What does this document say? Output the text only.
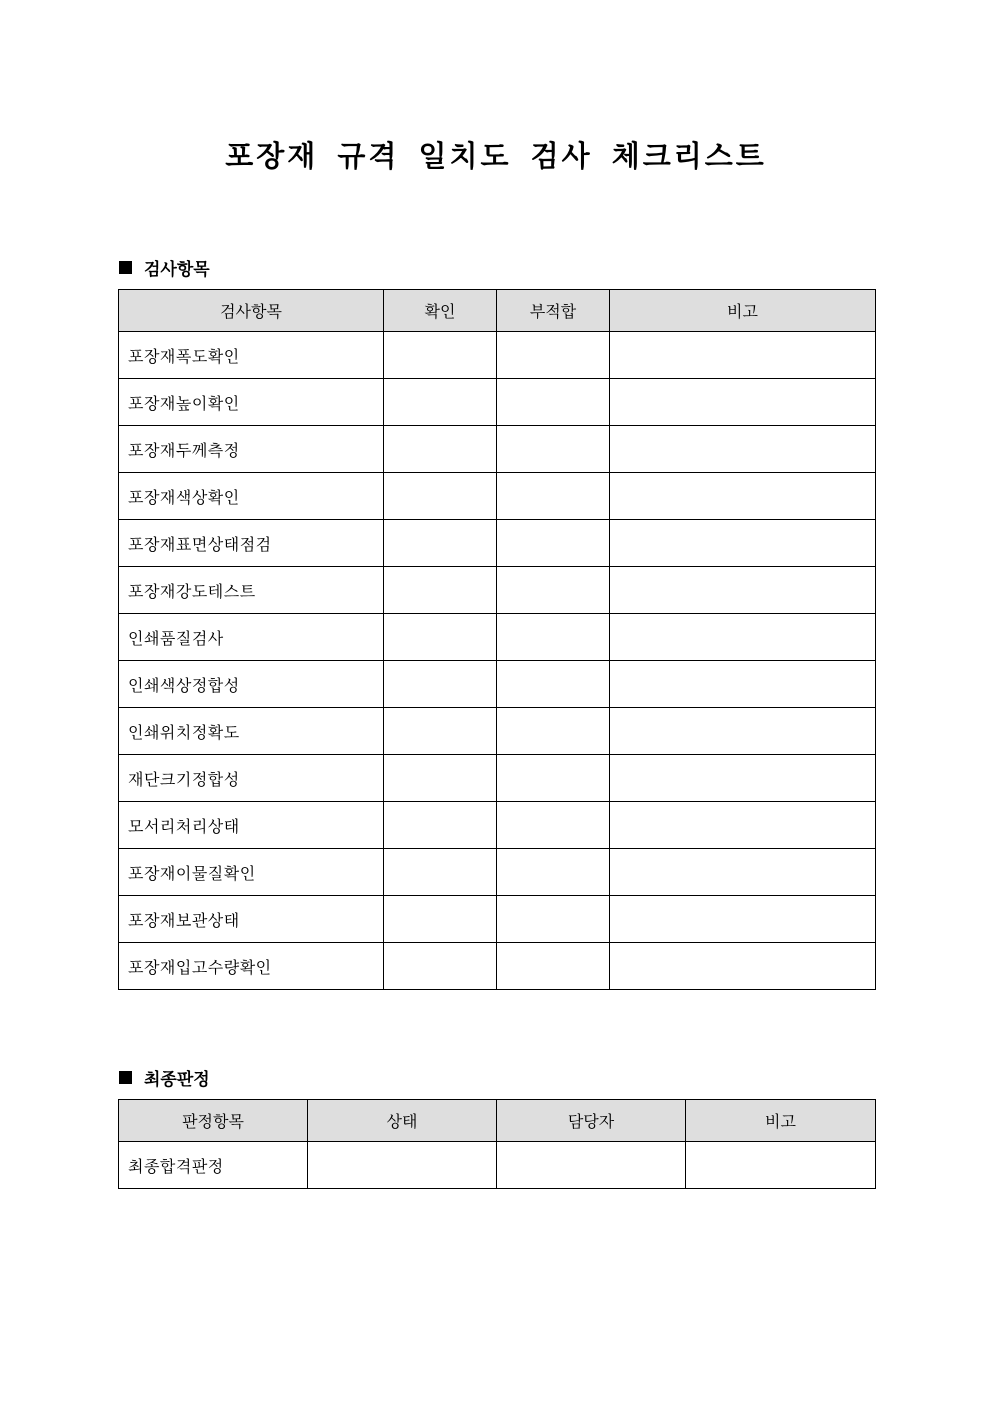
포장재 규격 일치도 검사 체크리스트
검사항목
검사항목	확인	부적합	비고
포장재폭도확인			
포장재높이확인			
포장재두께측정			
포장재색상확인			
포장재표면상태점검			
포장재강도테스트			
인쇄품질검사			
인쇄색상정합성			
인쇄위치정확도			
재단크기정합성			
모서리처리상태			
포장재이물질확인			
포장재보관상태			
포장재입고수량확인			
최종판정
판정항목	상태	담당자	비고
최종합격판정			
